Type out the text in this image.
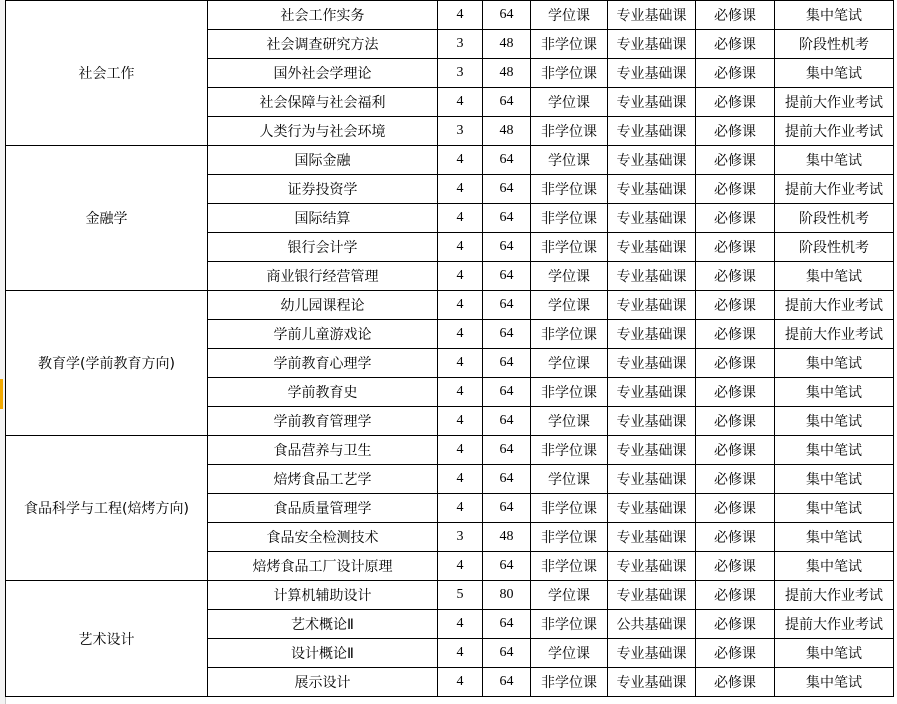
社会工作	社会工作实务	4	64	学位课	专业基础课	必修课	集中笔试
	社会调查研究方法	3	48	非学位课	专业基础课	必修课	阶段性机考
	国外社会学理论	3	48	非学位课	专业基础课	必修课	集中笔试
	社会保障与社会福利	4	64	学位课	专业基础课	必修课	提前大作业考试
	人类行为与社会环境	3	48	非学位课	专业基础课	必修课	提前大作业考试
金融学	国际金融	4	64	学位课	专业基础课	必修课	集中笔试
	证券投资学	4	64	非学位课	专业基础课	必修课	提前大作业考试
	国际结算	4	64	非学位课	专业基础课	必修课	阶段性机考
	银行会计学	4	64	非学位课	专业基础课	必修课	阶段性机考
	商业银行经营管理	4	64	学位课	专业基础课	必修课	集中笔试
教育学(学前教育方向)	幼儿园课程论	4	64	学位课	专业基础课	必修课	提前大作业考试
	学前儿童游戏论	4	64	非学位课	专业基础课	必修课	提前大作业考试
	学前教育心理学	4	64	学位课	专业基础课	必修课	集中笔试
	学前教育史	4	64	非学位课	专业基础课	必修课	集中笔试
	学前教育管理学	4	64	学位课	专业基础课	必修课	集中笔试
食品科学与工程(焙烤方向)	食品营养与卫生	4	64	非学位课	专业基础课	必修课	集中笔试
	焙烤食品工艺学	4	64	学位课	专业基础课	必修课	集中笔试
	食品质量管理学	4	64	非学位课	专业基础课	必修课	集中笔试
	食品安全检测技术	3	48	非学位课	专业基础课	必修课	集中笔试
	焙烤食品工厂设计原理	4	64	非学位课	专业基础课	必修课	集中笔试
艺术设计	计算机辅助设计	5	80	学位课	专业基础课	必修课	提前大作业考试
	艺术概论Ⅱ	4	64	非学位课	公共基础课	必修课	提前大作业考试
	设计概论Ⅱ	4	64	学位课	专业基础课	必修课	集中笔试
	展示设计	4	64	非学位课	专业基础课	必修课	集中笔试
